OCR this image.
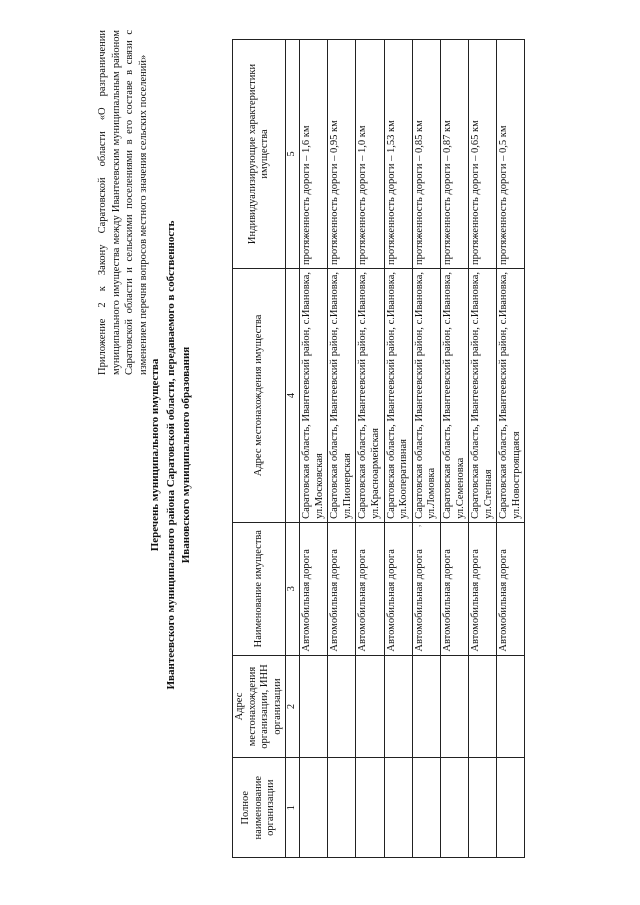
Приложение 2 к Закону Саратовской области «О разграничении муниципального имущества между Ивантеевским муниципальным районом Саратовской области и сельскими поселениями в его составе в связи с изменением перечня вопросов местного значения сельских поселений»
Перечень муниципального имущества Ивантеевского муниципального района Саратовской области, передаваемого в собственность Ивановского муниципального образования
Полное наименование организации	Адрес местонахождения организации, ИНН организации	Наименование имущества	Адрес местонахождения имущества	Индивидуализирующие характеристики имущества
1	2	3	4	5
		Автомобильная дорога	Саратовская область, Ивантеевский район, с.Ивановка, ул.Московская	протяженность дороги – 1,6 км
		Автомобильная дорога	Саратовская область, Ивантеевский район, с.Ивановка, ул.Пионерская	протяженность дороги – 0,95 км
		Автомобильная дорога	Саратовская область, Ивантеевский район, с.Ивановка, ул.Красноармейская	протяженность дороги – 1,0 км
		Автомобильная дорога	Саратовская область, Ивантеевский район, с.Ивановка, ул.Кооперативная	протяженность дороги – 1,53 км
		Автомобильная дорога	Саратовская область, Ивантеевский район, с.Ивановка, ул.Ломовка	протяженность дороги – 0,85 км
		Автомобильная дорога	Саратовская область, Ивантеевский район, с.Ивановка, ул.Семеновка	протяженность дороги – 0,87 км
		Автомобильная дорога	Саратовская область, Ивантеевский район, с.Ивановка, ул.Степная	протяженность дороги – 0,65 км
		Автомобильная дорога	Саратовская область, Ивантеевский район, с.Ивановка, ул.Новостроящаяся	протяженность дороги – 0,5 км
,
